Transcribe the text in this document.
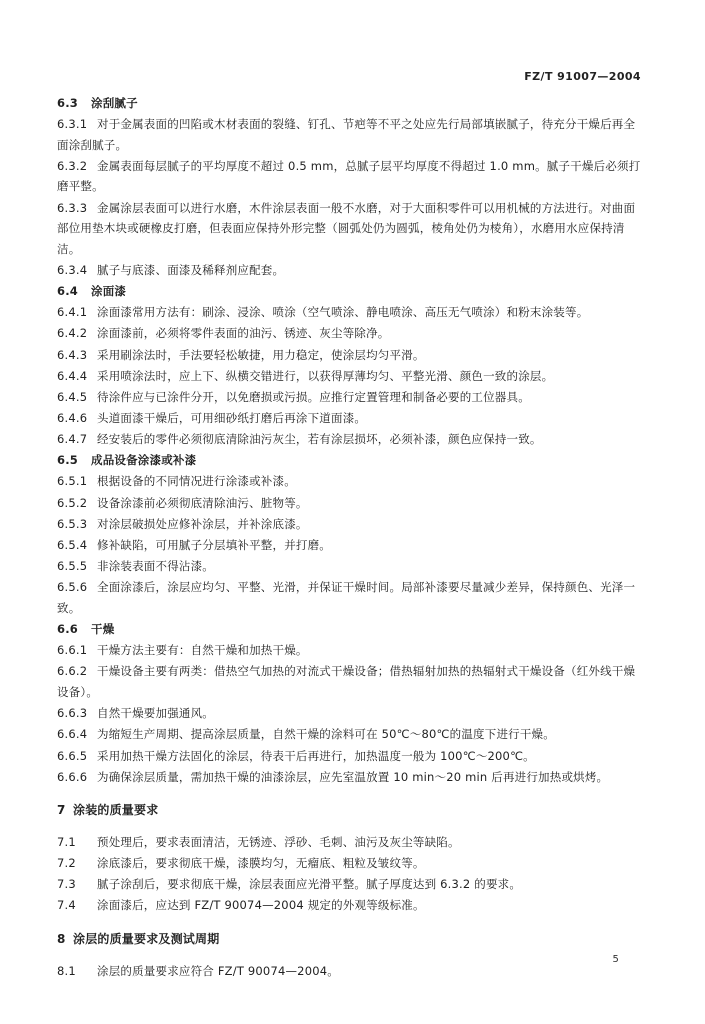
FZ/T 91007—2004
6.3	涂刮腻子
6.3.1 对于金属表面的凹陷或木材表面的裂缝、钉孔、节疤等不平之处应先行局部填嵌腻子，待充分干燥后再全面涂刮腻子。
6.3.2 金属表面每层腻子的平均厚度不超过 0.5 mm，总腻子层平均厚度不得超过 1.0 mm。腻子干燥后必须打磨平整。
6.3.3 金属涂层表面可以进行水磨，木件涂层表面一般不水磨，对于大面积零件可以用机械的方法进行。对曲面部位用垫木块或硬橡皮打磨，但表面应保持外形完整（圆弧处仍为圆弧，棱角处仍为棱角），水磨用水应保持清洁。
6.3.4 腻子与底漆、面漆及稀释剂应配套。
6.4	涂面漆
6.4.1 涂面漆常用方法有：刷涂、浸涂、喷涂（空气喷涂、静电喷涂、高压无气喷涂）和粉末涂装等。
6.4.2 涂面漆前，必须将零件表面的油污、锈迹、灰尘等除净。
6.4.3 采用刷涂法时，手法要轻松敏捷，用力稳定，使涂层均匀平滑。
6.4.4 采用喷涂法时，应上下、纵横交错进行，以获得厚薄均匀、平整光滑、颜色一致的涂层。
6.4.5 待涂件应与已涂件分开，以免磨损或污损。应推行定置管理和制备必要的工位器具。
6.4.6 头道面漆干燥后，可用细砂纸打磨后再涂下道面漆。
6.4.7 经安装后的零件必须彻底清除油污灰尘，若有涂层损坏，必须补漆，颜色应保持一致。
6.5	成品设备涂漆或补漆
6.5.1 根据设备的不同情况进行涂漆或补漆。
6.5.2 设备涂漆前必须彻底清除油污、脏物等。
6.5.3 对涂层破损处应修补涂层，并补涂底漆。
6.5.4 修补缺陷，可用腻子分层填补平整，并打磨。
6.5.5 非涂装表面不得沾漆。
6.5.6 全面涂漆后，涂层应均匀、平整、光滑，并保证干燥时间。局部补漆要尽量减少差异，保持颜色、光泽一致。
6.6	干燥
6.6.1 干燥方法主要有：自然干燥和加热干燥。
6.6.2 干燥设备主要有两类：借热空气加热的对流式干燥设备；借热辐射加热的热辐射式干燥设备（红外线干燥设备）。
6.6.3 自然干燥要加强通风。
6.6.4 为缩短生产周期、提高涂层质量，自然干燥的涂料可在 50℃～80℃的温度下进行干燥。
6.6.5 采用加热干燥方法固化的涂层，待表干后再进行，加热温度一般为 100℃～200℃。
6.6.6 为确保涂层质量，需加热干燥的油漆涂层，应先室温放置 10 min～20 min 后再进行加热或烘烤。
7 涂装的质量要求
7.1	预处理后，要求表面清洁，无锈迹、浮砂、毛刺、油污及灰尘等缺陷。
7.2	涂底漆后，要求彻底干燥，漆膜均匀，无瘤底、粗粒及皱纹等。
7.3	腻子涂刮后，要求彻底干燥，涂层表面应光滑平整。腻子厚度达到 6.3.2 的要求。
7.4	涂面漆后，应达到 FZ/T 90074—2004 规定的外观等级标准。
8 涂层的质量要求及测试周期
8.1	涂层的质量要求应符合 FZ/T 90074—2004。
5
